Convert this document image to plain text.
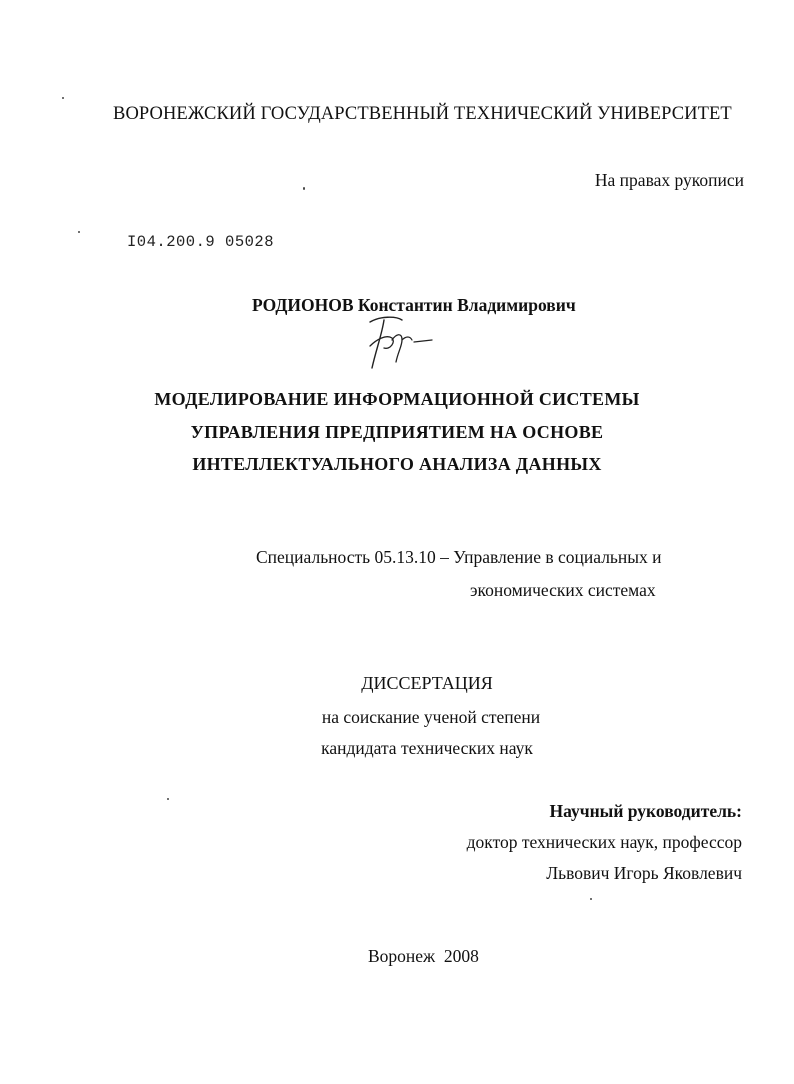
ВОРОНЕЖСКИЙ ГОСУДАРСТВЕННЫЙ ТЕХНИЧЕСКИЙ УНИВЕРСИТЕТ
На правах рукописи
I04.200.9 05028
РОДИОНОВ Константин Владимирович
МОДЕЛИРОВАНИЕ ИНФОРМАЦИОННОЙ СИСТЕМЫ
УПРАВЛЕНИЯ ПРЕДПРИЯТИЕМ НА ОСНОВЕ
ИНТЕЛЛЕКТУАЛЬНОГО АНАЛИЗА ДАННЫХ
Специальность 05.13.10 – Управление в социальных и
экономических системах
ДИССЕРТАЦИЯ
на соискание ученой степени
кандидата технических наук
Научный руководитель:
доктор технических наук, профессор
Львович Игорь Яковлевич
Воронеж  2008
